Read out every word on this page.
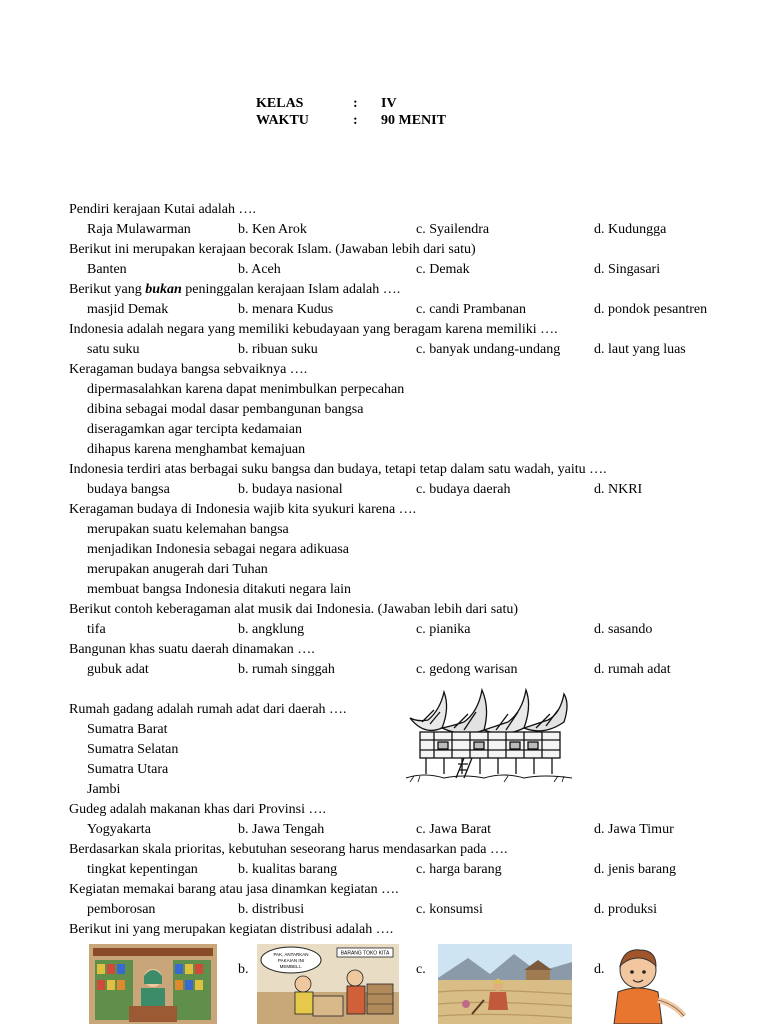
KELAS	: IV
WAKTU	: 90 MENIT
Pendiri kerajaan Kutai adalah ….
Raja Mulawarman	b. Ken Arok	c. Syailendra	d. Kudungga
Berikut ini merupakan kerajaan becorak Islam. (Jawaban lebih dari satu)
Banten	b. Aceh	c. Demak	d. Singasari
Berikut yang bukan peninggalan kerajaan Islam adalah ….
masjid Demak	b. menara Kudus	c. candi Prambanan	d. pondok pesantren
Indonesia adalah negara yang memiliki kebudayaan yang beragam karena memiliki ….
satu suku	b. ribuan suku	c. banyak undang-undang d. laut yang luas
Keragaman budaya bangsa sebvaiknya ….
dipermasalahkan karena dapat menimbulkan perpecahan
dibina sebagai modal dasar pembangunan bangsa
diseragamkan agar tercipta kedamaian
dihapus karena menghambat kemajuan
Indonesia terdiri atas berbagai suku bangsa dan budaya, tetapi tetap dalam satu wadah, yaitu ….
budaya bangsa	b. budaya nasional	c. budaya daerah	d. NKRI
Keragaman budaya di Indonesia wajib kita syukuri karena ….
merupakan suatu kelemahan bangsa
menjadikan Indonesia sebagai negara adikuasa
merupakan anugerah dari Tuhan
membuat bangsa Indonesia ditakuti negara lain
Berikut contoh keberagaman alat musik dai Indonesia. (Jawaban lebih dari satu)
tifa	b. angklung	c. pianika	d. sasando
Bangunan khas suatu daerah dinamakan ….
gubuk adat	b. rumah singgah	c. gedong warisan	d. rumah adat
Rumah gadang adalah rumah adat dari daerah ….
Sumatra Barat
Sumatra Selatan
Sumatra Utara
Jambi
Gudeg adalah makanan khas dari Provinsi ….
Yogyakarta	b. Jawa Tengah	c. Jawa Barat	d. Jawa Timur
Berdasarkan skala prioritas, kebutuhan seseorang harus mendasarkan pada ….
tingkat kepentingan	b. kualitas barang	c. harga barang	d. jenis barang
Kegiatan memakai barang atau jasa dinamkan kegiatan ….
pemborosan	b. distribusi	c. konsumsi	d. produksi
Berikut ini yang merupakan kegiatan distribusi adalah ….
b.
PAK, ANTARKAN
PAKAIAN INI
MEMBELI..
BARANG TOKO KITA
c.	d.
